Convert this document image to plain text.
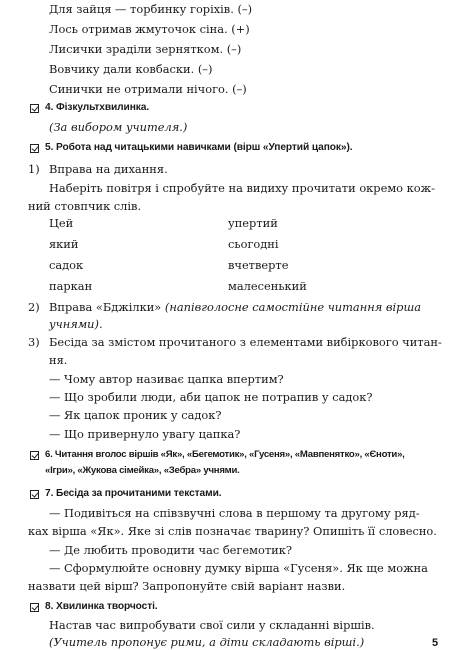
Для зайця — торбинку горіхів. (–)
Лось отримав жмуточок сіна. (+)
Лисички зраділи зернятком. (–)
Вовчику дали ковбаски. (–)
Синички не отримали нічого. (–)
4. Фізкультхвилинка.
(За вибором учителя.)
5. Робота над читацькими навичками (вірш «Упертий цапок»).
1) Вправа на дихання.
Наберіть повітря і спробуйте на видиху прочитати окремо кож-
ний стовпчик слів.
Цей
який
садок
паркан
упертий
сьогодні
вчетверте
малесенький
2) Вправа «Бджілки» (напівголосне самостійне читання вірша
учнями).
3) Бесіда за змістом прочитаного з елементами вибіркового читан-
ня.
— Чому автор називає цапка впертим?
— Що зробили люди, аби цапок не потрапив у садок?
— Як цапок проник у садок?
— Що привернуло увагу цапка?
6. Читання вголос віршів «Як», «Бегемотик», «Гусеня», «Мавпенятко», «Єноти»,
«Ігри», «Жукова сімейка», «Зебра» учнями.
7. Бесіда за прочитаними текстами.
— Подивіться на співзвучні слова в першому та другому ряд-
ках вірша «Як». Яке зі слів позначає тварину? Опишіть її словесно.
— Де любить проводити час бегемотик?
— Сформулюйте основну думку вірша «Гусеня». Як ще можна
назвати цей вірш? Запропонуйте свій варіант назви.
8. Хвилинка творчості.
Настав час випробувати свої сили у складанні віршів.
(Учитель пропонує рими, а діти складають вірші.)	5
